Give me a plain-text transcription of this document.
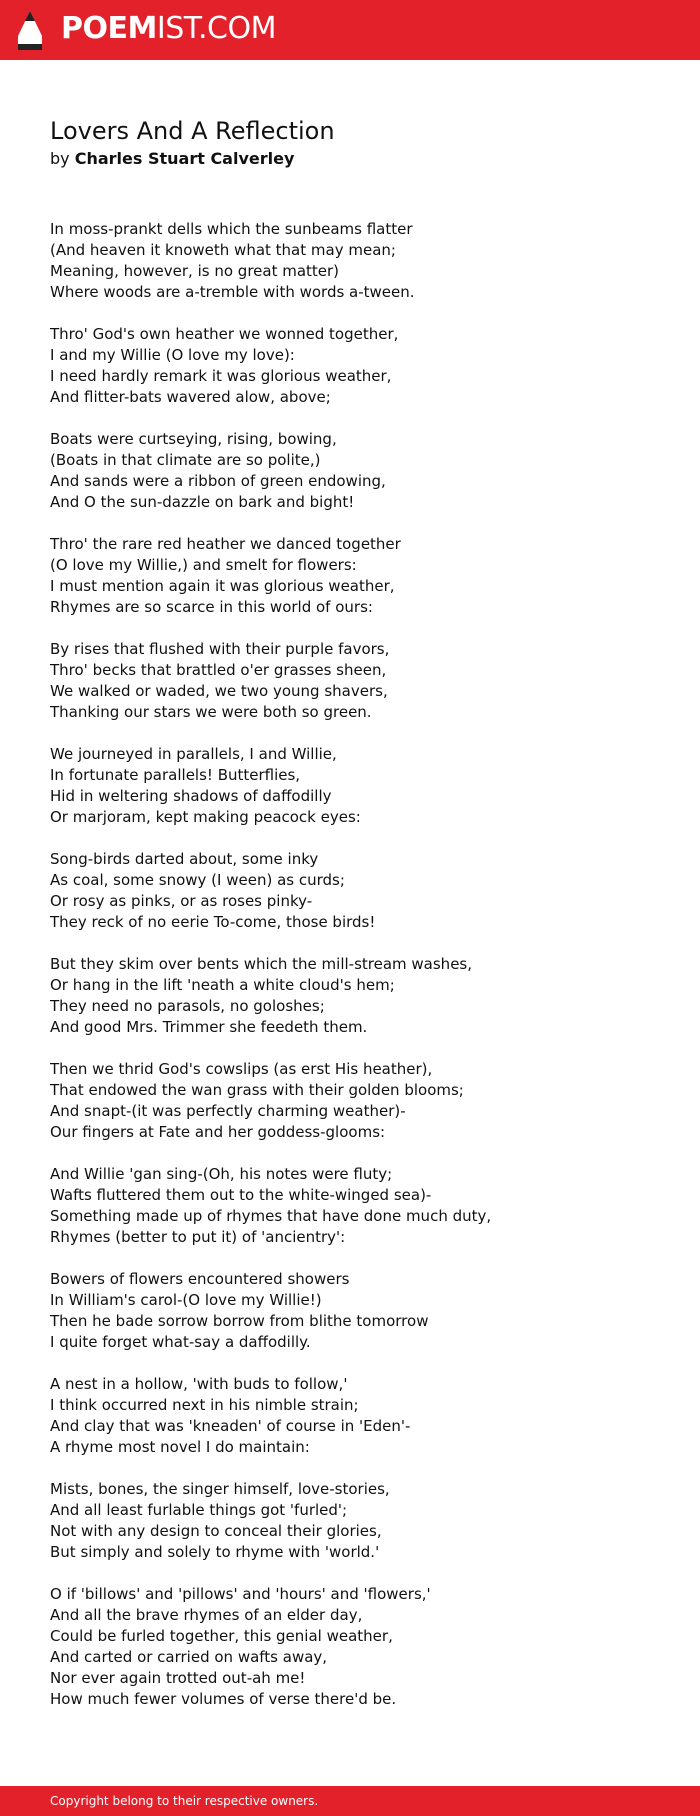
POEMIST.COM
Lovers And A Reflection
by Charles Stuart Calverley
In moss-prankt dells which the sunbeams flatter
(And heaven it knoweth what that may mean;
Meaning, however, is no great matter)
Where woods are a-tremble with words a-tween.
Thro' God's own heather we wonned together,
I and my Willie (O love my love):
I need hardly remark it was glorious weather,
And flitter-bats wavered alow, above;
Boats were curtseying, rising, bowing,
(Boats in that climate are so polite,)
And sands were a ribbon of green endowing,
And O the sun-dazzle on bark and bight!
Thro' the rare red heather we danced together
(O love my Willie,) and smelt for flowers:
I must mention again it was glorious weather,
Rhymes are so scarce in this world of ours:
By rises that flushed with their purple favors,
Thro' becks that brattled o'er grasses sheen,
We walked or waded, we two young shavers,
Thanking our stars we were both so green.
We journeyed in parallels, I and Willie,
In fortunate parallels! Butterflies,
Hid in weltering shadows of daffodilly
Or marjoram, kept making peacock eyes:
Song-birds darted about, some inky
As coal, some snowy (I ween) as curds;
Or rosy as pinks, or as roses pinky-
They reck of no eerie To-come, those birds!
But they skim over bents which the mill-stream washes,
Or hang in the lift 'neath a white cloud's hem;
They need no parasols, no goloshes;
And good Mrs. Trimmer she feedeth them.
Then we thrid God's cowslips (as erst His heather),
That endowed the wan grass with their golden blooms;
And snapt-(it was perfectly charming weather)-
Our fingers at Fate and her goddess-glooms:
And Willie 'gan sing-(Oh, his notes were fluty;
Wafts fluttered them out to the white-winged sea)-
Something made up of rhymes that have done much duty,
Rhymes (better to put it) of 'ancientry':
Bowers of flowers encountered showers
In William's carol-(O love my Willie!)
Then he bade sorrow borrow from blithe tomorrow
I quite forget what-say a daffodilly.
A nest in a hollow, 'with buds to follow,'
I think occurred next in his nimble strain;
And clay that was 'kneaden' of course in 'Eden'-
A rhyme most novel I do maintain:
Mists, bones, the singer himself, love-stories,
And all least furlable things got 'furled';
Not with any design to conceal their glories,
But simply and solely to rhyme with 'world.'
O if 'billows' and 'pillows' and 'hours' and 'flowers,'
And all the brave rhymes of an elder day,
Could be furled together, this genial weather,
And carted or carried on wafts away,
Nor ever again trotted out-ah me!
How much fewer volumes of verse there'd be.
Copyright belong to their respective owners.
